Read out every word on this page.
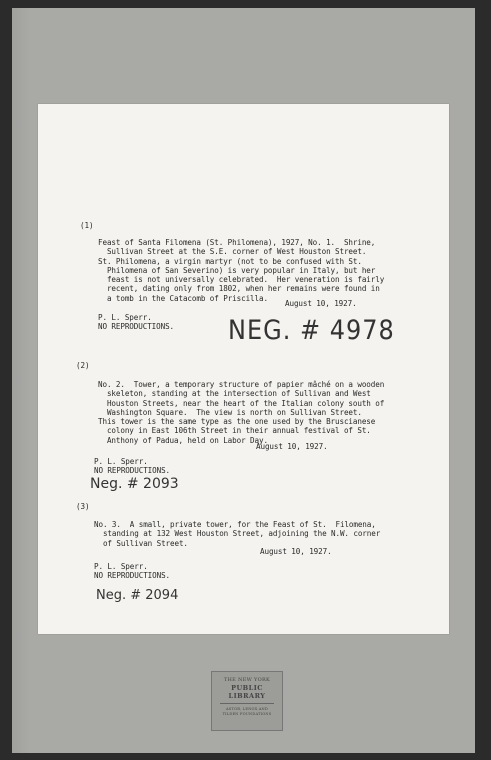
(1)
Feast of Santa Filomena (St. Philomena), 1927, No. 1.  Shrine,
Sullivan Street at the S.E. corner of West Houston Street.
St. Philomena, a virgin martyr (not to be confused with St.
Philomena of San Severino) is very popular in Italy, but her
feast is not universally celebrated.  Her veneration is fairly
recent, dating only from 1802, when her remains were found in
a tomb in the Catacomb of Priscilla.
August 10, 1927.
P. L. Sperr.
NO REPRODUCTIONS. NEG. # 4978
(2)
No. 2.  Tower, a temporary structure of papier mâché on a wooden
skeleton, standing at the intersection of Sullivan and West
Houston Streets, near the heart of the Italian colony south of
Washington Square.  The view is north on Sullivan Street.
This tower is the same type as the one used by the Bruscianese
colony in East 106th Street in their annual festival of St.
Anthony of Padua, held on Labor Day.
August 10, 1927.
P. L. Sperr.
NO REPRODUCTIONS.
Neg. # 2093
(3)
No. 3.  A small, private tower, for the Feast of St.  Filomena,
standing at 132 West Houston Street, adjoining the N.W. corner
of Sullivan Street.
August 10, 1927.
P. L. Sperr.
NO REPRODUCTIONS.
Neg. # 2094
THE NEW YORK
PUBLIC LIBRARY
ASTOR, LENOX AND
TILDEN FOUNDATIONS
